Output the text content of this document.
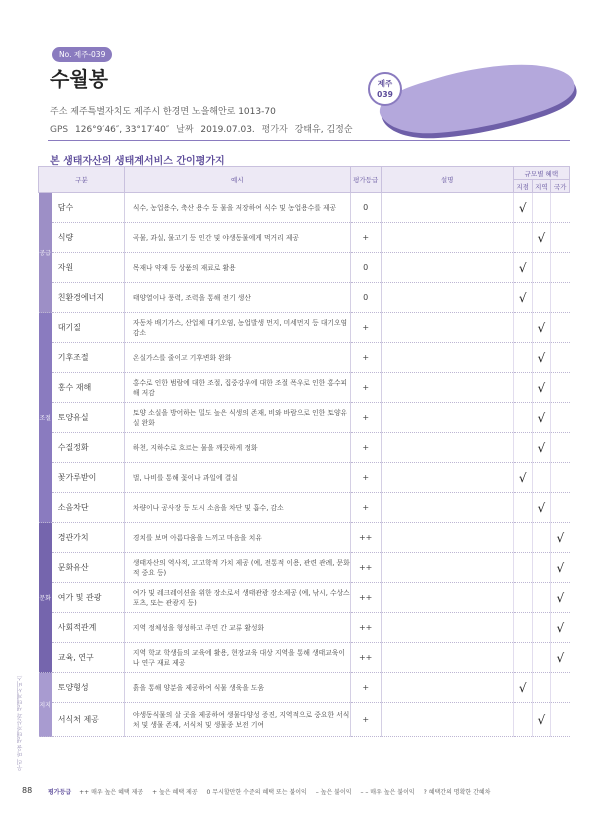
No. 제주-039
수월봉	제주
039
주소 제주특별자치도 제주시 한경면 노을해안로 1013-70
GPS 126°9′46″, 33°17′40″ 날짜 2019.07.03. 평가자 강태유, 김정순
본 생태자산의 생태계서비스 간이평가지
구분		예시	평가등급	설명	규모별 혜택		
					지점	지역	국가
공급	담수	식수, 농업용수, 축산 용수 등 물을 저장하여 식수 및 농업용수를 제공	0		√		
	식량	곡물, 과실, 물고기 등 인간 및 야생동물에게 먹거리 제공	+			√	
	자원	목재나 약재 등 상품의 재료로 활용	0		√		
	친환경에너지	태양열이나 풍력, 조력을 통해 전기 생산	0		√		
조절	대기질	자동차 배기가스, 산업체 대기오염, 농업발생 먼지, 미세먼지 등 대기오염 감소	+			√	
	기후조절	온실가스를 줄이고 기후변화 완화	+			√	
	홍수 재해	홍수로 인한 범람에 대한 조절, 집중강우에 대한 조절 폭우로 인한 홍수피해 저감	+			√	
	토양유실	토양 소실을 방어하는 밀도 높은 식생의 존재, 비와 바람으로 인한 토양유실 완화	+			√	
	수질정화	하천, 지하수로 흐르는 물을 깨끗하게 정화	+			√	
	꽃가루받이	벌, 나비를 통해 꽃이나 과일에 결실	+		√		
	소음차단	차량이나 공사장 등 도시 소음을 차단 및 흡수, 감소	+			√	
문화	경관가치	경치를 보며 아름다움을 느끼고 마음을 치유	++				√
	문화유산	생태자산의 역사적, 고고학적 가치 제공 (예, 전통적 이용, 관련 관례, 문화적 중요 등)	++				√
	여가 및 관광	여가 및 레크레이션을 위한 장소로서 생태관광 장소제공 (예, 낚시, 수상스포츠, 또는 관광지 등)	++				√
	사회적관계	지역 정체성을 형성하고 주민 간 교류 활성화	++				√
	교육, 연구	지역 학교 학생들의 교육에 활용, 현장교육 대상 지역을 통해 생태교육이나 연구 재료 제공	++				√
지지	토양형성	흙을 통해 양분을 제공하여 식물 생육을 도움	+		√		
	서식처 제공	야생동식물의 살 곳을 제공하여 생물다양성 증진, 지역적으로 중요한 서식처 및 생물 존재, 서식처 및 생물종 보전 기여	+			√	
우리 마을 생태자산과 생태계서비스
88	평가등급 ++ 매우 높은 혜택 제공 + 높은 혜택 제공 0 무시할만한 수준의 혜택 또는 불이익 – 높은 불이익 – – 매우 높은 불이익 ? 혜택간의 명확한 간혜차
